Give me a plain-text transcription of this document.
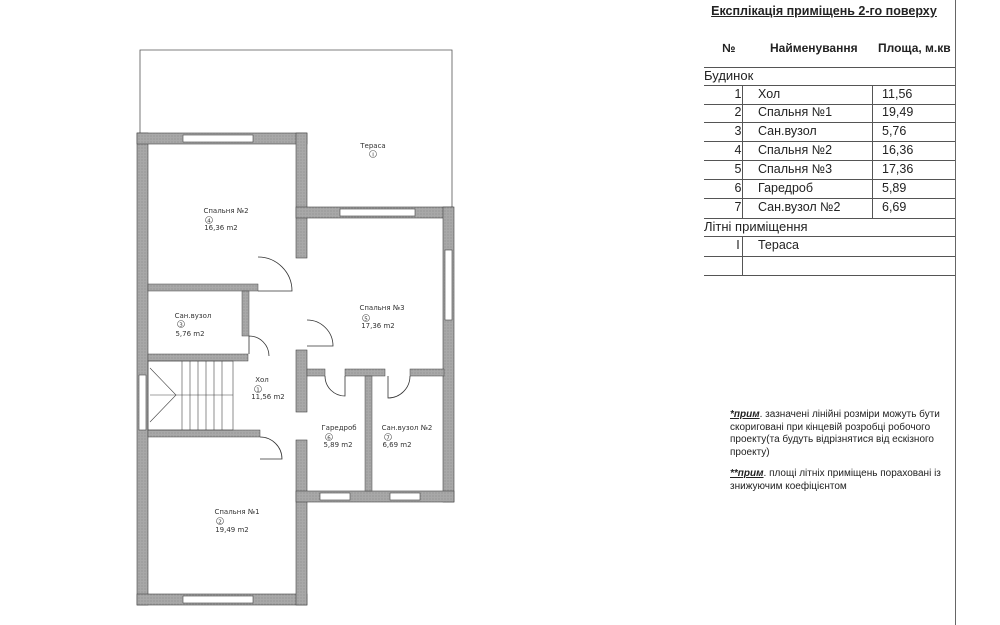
Тераса
I
Спальня №2
4
16,36 m2
Сан.вузол
3
5,76 m2
Спальня №3
5
17,36 m2
Хол
1
11,56 m2
Гаредроб
6
5,89 m2
Сан.вузол №2
7
6,69 m2
Спальня №1
2
19,49 m2
Експлікація приміщень 2-го поверху
№	Найменування Площа, м.кв
Будинок
1	Хол	11,56
2	Спальня №1	19,49
3	Сан.вузол	5,76
4	Спальня №2	16,36
5	Спальня №3	17,36
6	Гаредроб	5,89
7	Сан.вузол №2	6,69
Літні приміщення
I	Тераса
*прим. зазначені лінійні розміри можуть бути скориговані при кінцевій розробці робочого проекту(та будуть відрізнятися від ескізного проекту)
**прим. площі літніх приміщень пораховані із знижуючим коефіцієнтом
